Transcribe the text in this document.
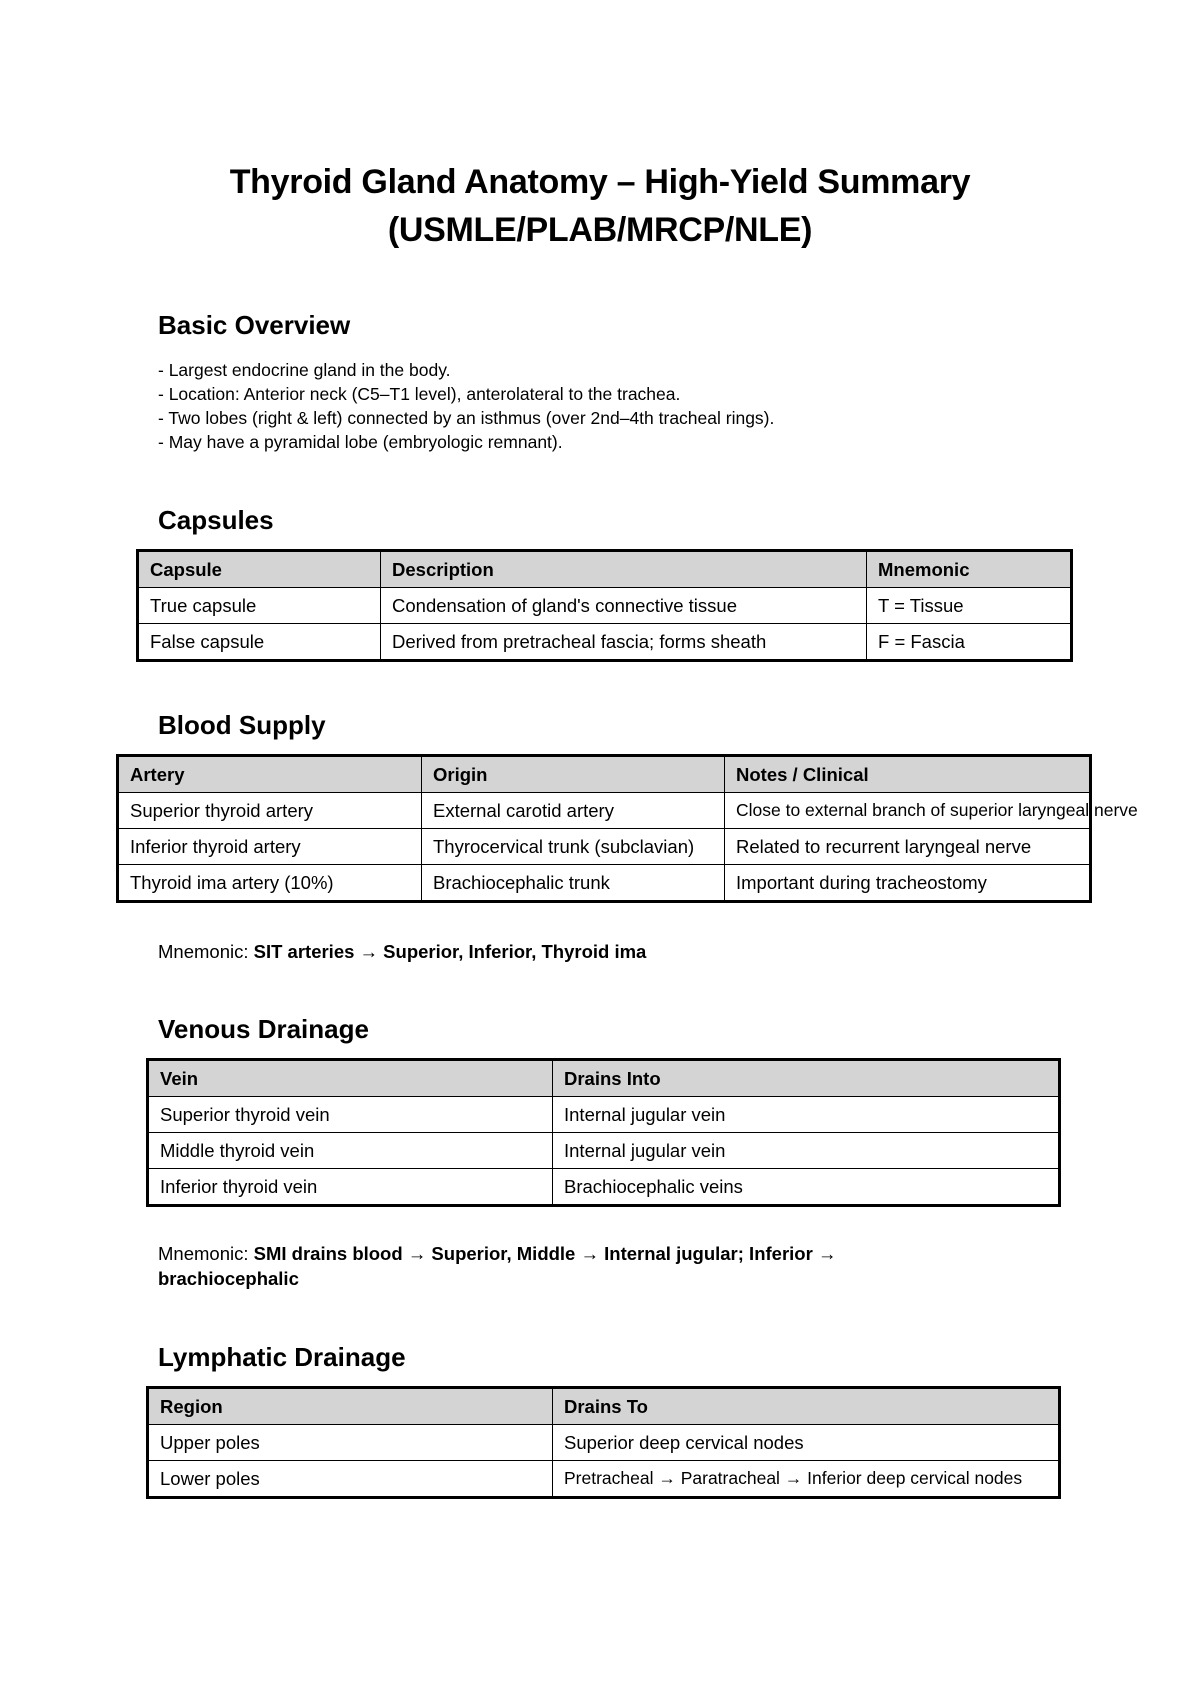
Thyroid Gland Anatomy – High-Yield Summary
(USMLE/PLAB/MRCP/NLE)
Basic Overview
- Largest endocrine gland in the body.
- Location: Anterior neck (C5–T1 level), anterolateral to the trachea.
- Two lobes (right & left) connected by an isthmus (over 2nd–4th tracheal rings).
- May have a pyramidal lobe (embryologic remnant).
Capsules
Capsule	Description	Mnemonic
True capsule	Condensation of gland's connective tissue	T = Tissue
False capsule	Derived from pretracheal fascia; forms sheath	F = Fascia
Blood Supply
Artery	Origin	Notes / Clinical
Superior thyroid artery	External carotid artery	Close to external branch of superior laryngeal nerve
Inferior thyroid artery	Thyrocervical trunk (subclavian)	Related to recurrent laryngeal nerve
Thyroid ima artery (10%)	Brachiocephalic trunk	Important during tracheostomy
Mnemonic: SIT arteries → Superior, Inferior, Thyroid ima
Venous Drainage
Vein	Drains Into
Superior thyroid vein	Internal jugular vein
Middle thyroid vein	Internal jugular vein
Inferior thyroid vein	Brachiocephalic veins
Mnemonic: SMI drains blood → Superior, Middle → Internal jugular; Inferior →
brachiocephalic
Lymphatic Drainage
Region	Drains To
Upper poles	Superior deep cervical nodes
Lower poles	Pretracheal → Paratracheal → Inferior deep cervical nodes
